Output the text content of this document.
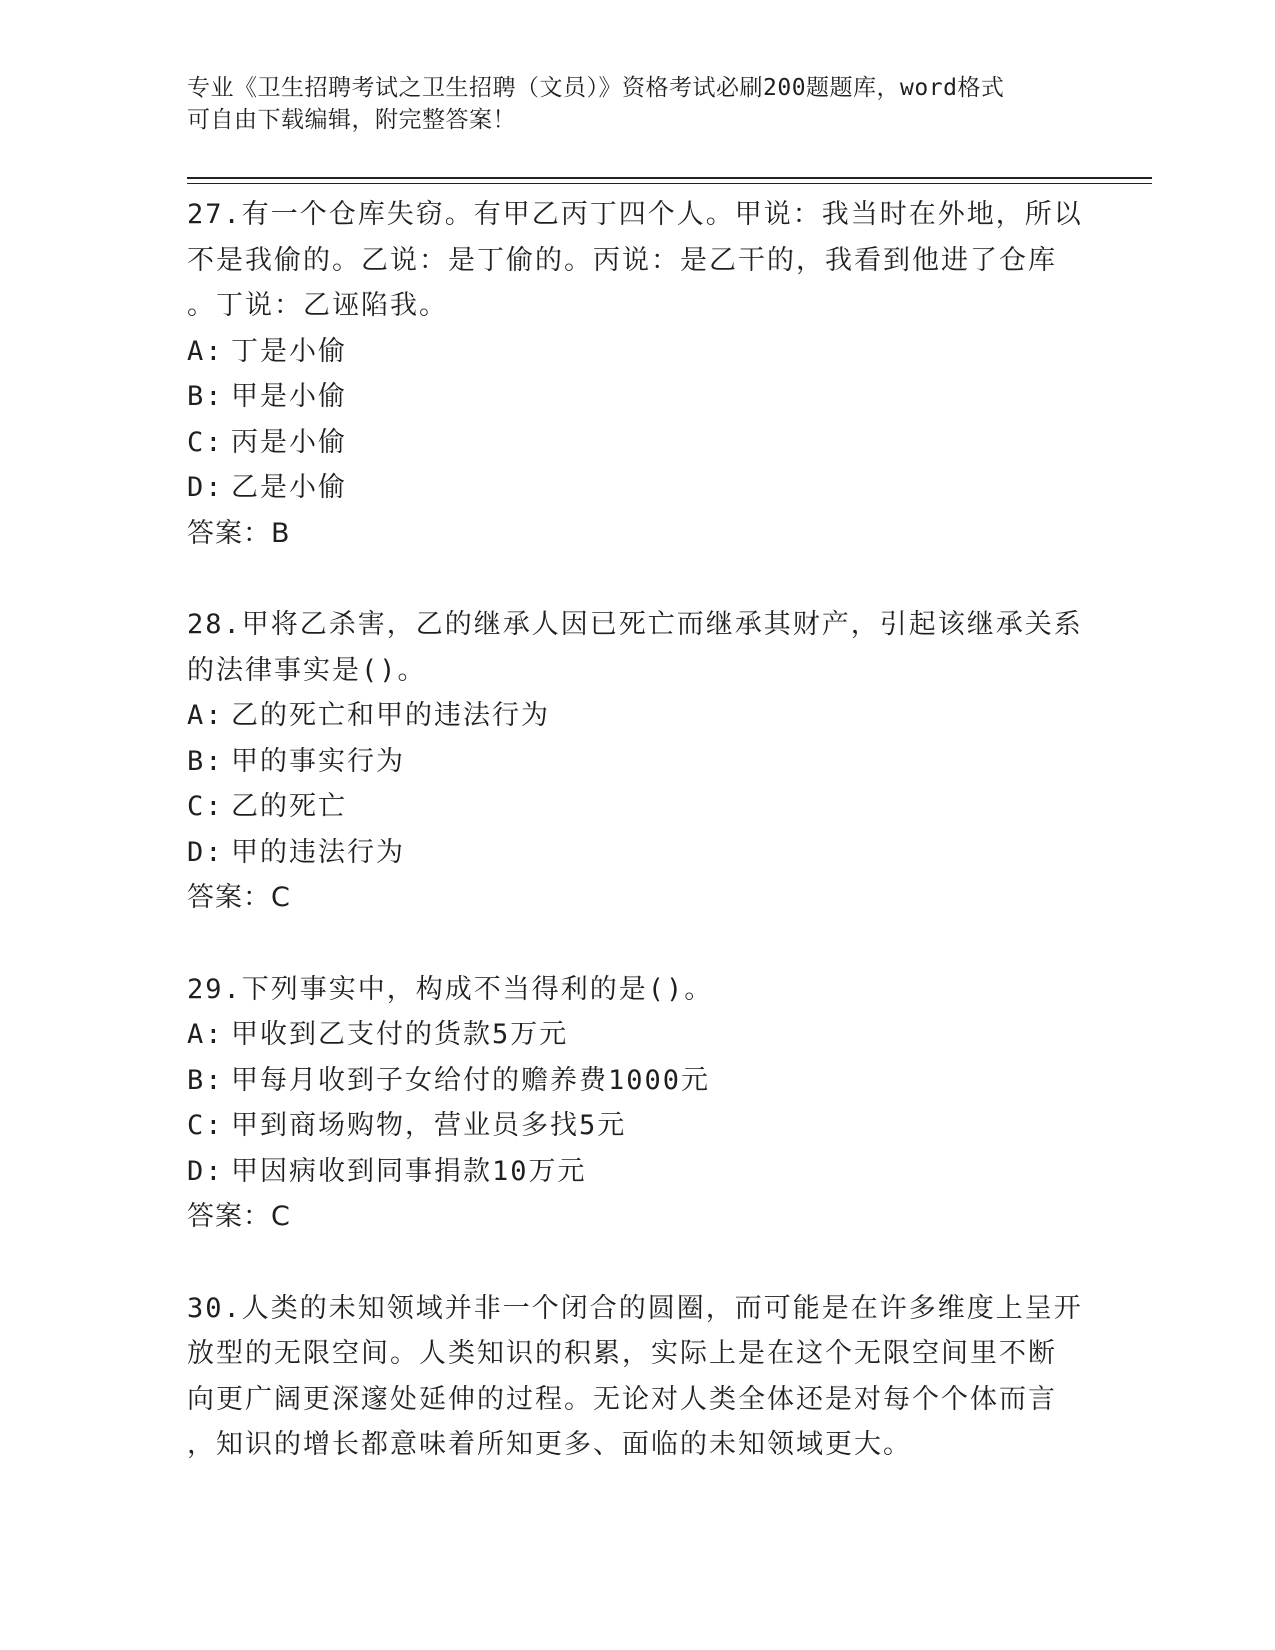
专业《卫生招聘考试之卫生招聘（文员）》资格考试必刷200题题库，word格式
可自由下载编辑，附完整答案！
27.有一个仓库失窃。有甲乙丙丁四个人。甲说：我当时在外地，所以
不是我偷的。乙说：是丁偷的。丙说：是乙干的，我看到他进了仓库
。丁说：乙诬陷我。
A: 丁是小偷
B: 甲是小偷
C: 丙是小偷
D: 乙是小偷
答案：B
28.甲将乙杀害，乙的继承人因已死亡而继承其财产，引起该继承关系
的法律事实是()。
A: 乙的死亡和甲的违法行为
B: 甲的事实行为
C: 乙的死亡
D: 甲的违法行为
答案：C
29.下列事实中，构成不当得利的是()。
A: 甲收到乙支付的货款5万元
B: 甲每月收到子女给付的赡养费1000元
C: 甲到商场购物，营业员多找5元
D: 甲因病收到同事捐款10万元
答案：C
30.人类的未知领域并非一个闭合的圆圈，而可能是在许多维度上呈开
放型的无限空间。人类知识的积累，实际上是在这个无限空间里不断
向更广阔更深邃处延伸的过程。无论对人类全体还是对每个个体而言
，知识的增长都意味着所知更多、面临的未知领域更大。
